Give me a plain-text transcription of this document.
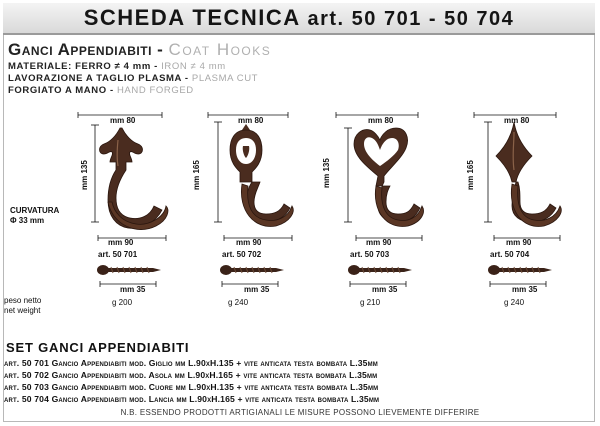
SCHEDA TECNICA art. 50 701 - 50 704
Ganci Appendiabiti - Coat Hooks
MATERIALE: FERRO ≠ 4 mm - IRON ≠ 4 mm
LAVORAZIONE A TAGLIO PLASMA - PLASMA CUT
FORGIATO A MANO - HAND FORGED
CURVATURA
Φ 33 mm
peso netto
net weight
mm 80
mm 135
mm 90
art. 50 701
mm 35
g 200
mm 80
mm 165
mm 90
art. 50 702
mm 35
g 240
mm 80
mm 135
mm 90
art. 50 703
mm 35
g 210
mm 80
mm 165
mm 90
art. 50 704
mm 35
g 240
SET GANCI APPENDIABITI
art. 50 701 Gancio Appendiabiti mod. Giglio mm L.90xH.135 + vite anticata testa bombata L.35mm
art. 50 702 Gancio Appendiabiti mod. Asola mm L.90xH.165 + vite anticata testa bombata L.35mm
art. 50 703 Gancio Appendiabiti mod. Cuore mm L.90xH.135 + vite anticata testa bombata L.35mm
art. 50 704 Gancio Appendiabiti mod. Lancia mm L.90xH.165 + vite anticata testa bombata L.35mm
N.B. ESSENDO PRODOTTI ARTIGIANALI LE MISURE POSSONO LIEVEMENTE DIFFERIRE
